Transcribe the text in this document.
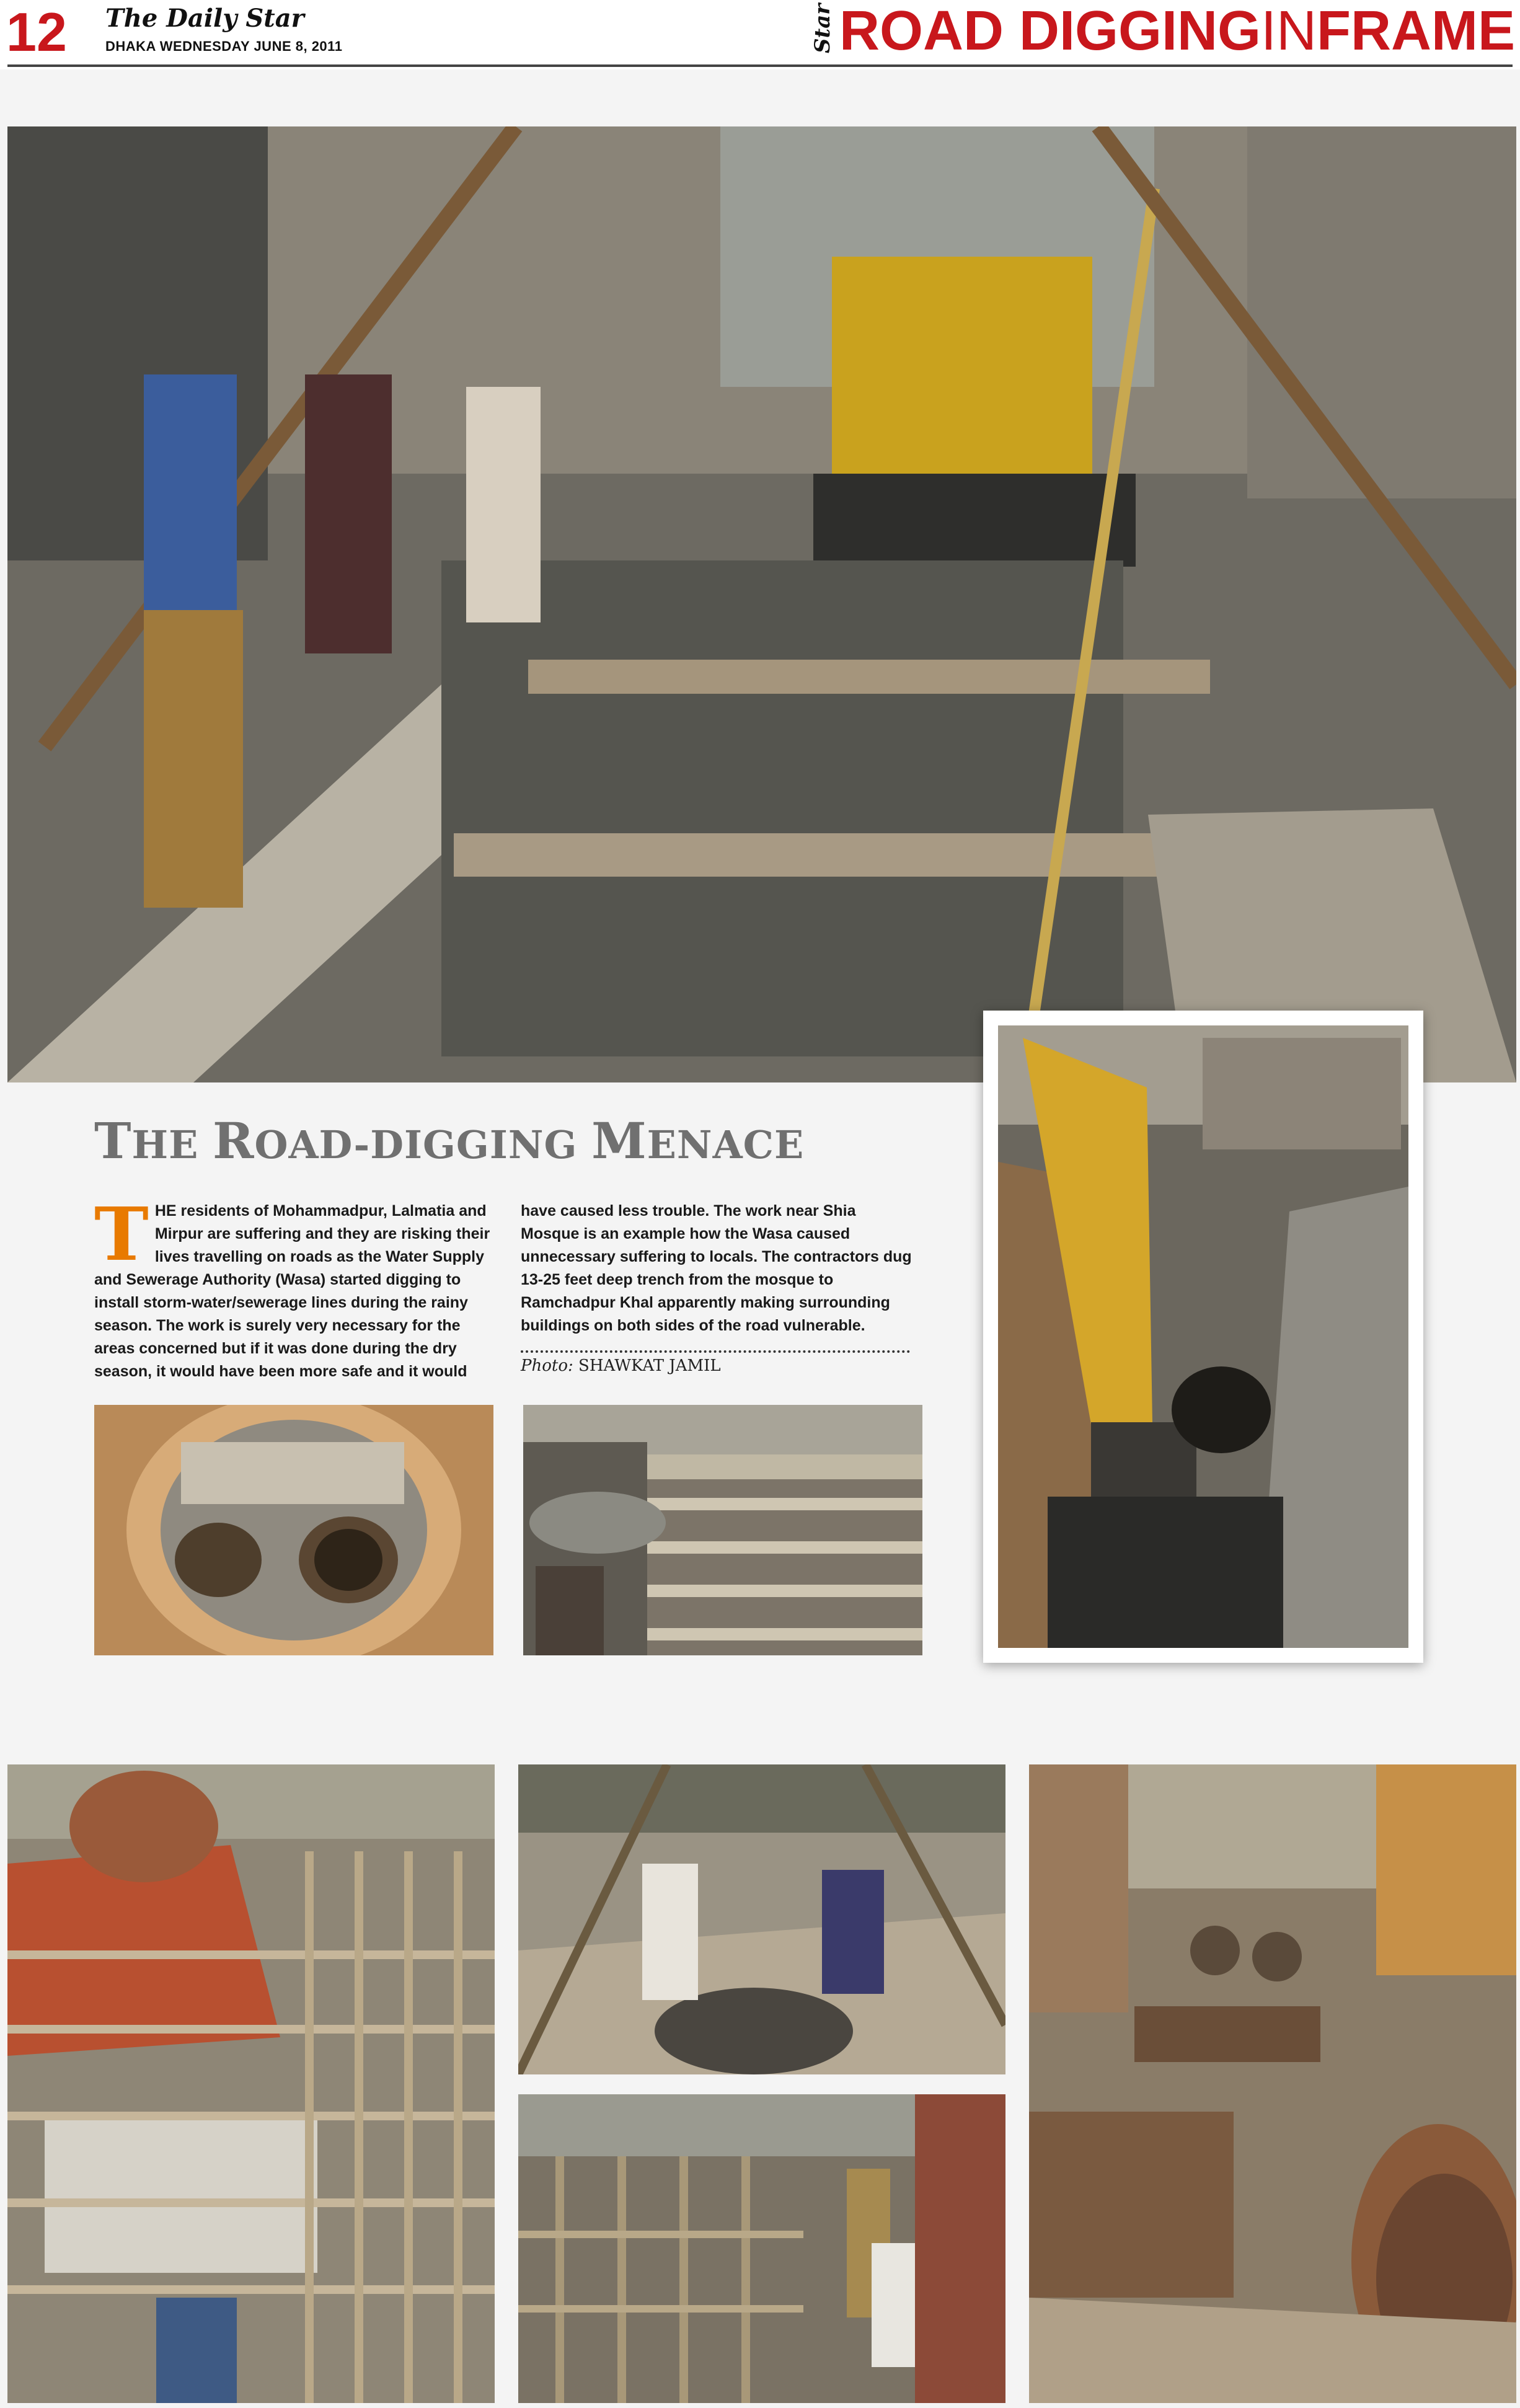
12 The Daily Star
DHAKA WEDNESDAY JUNE 8, 2011	Star ROAD DIGGING IN FRAME
THE ROAD-DIGGING MENACE
THE residents of Mohammadpur, Lalmatia and Mirpur are suffering and they are risking their lives travelling on roads as the Water Supply and Sewerage Authority (Wasa) started digging to install storm-water/sewerage lines during the rainy season. The work is surely very necessary for the areas concerned but if it was done during the dry season, it would have been more safe and it would
have caused less trouble. The work near Shia Mosque is an example how the Wasa caused unnecessary suffering to locals. The contractors dug 13-25 feet deep trench from the mosque to Ramchadpur Khal apparently making surrounding buildings on both sides of the road vulnerable.
Photo: SHAWKAT JAMIL
